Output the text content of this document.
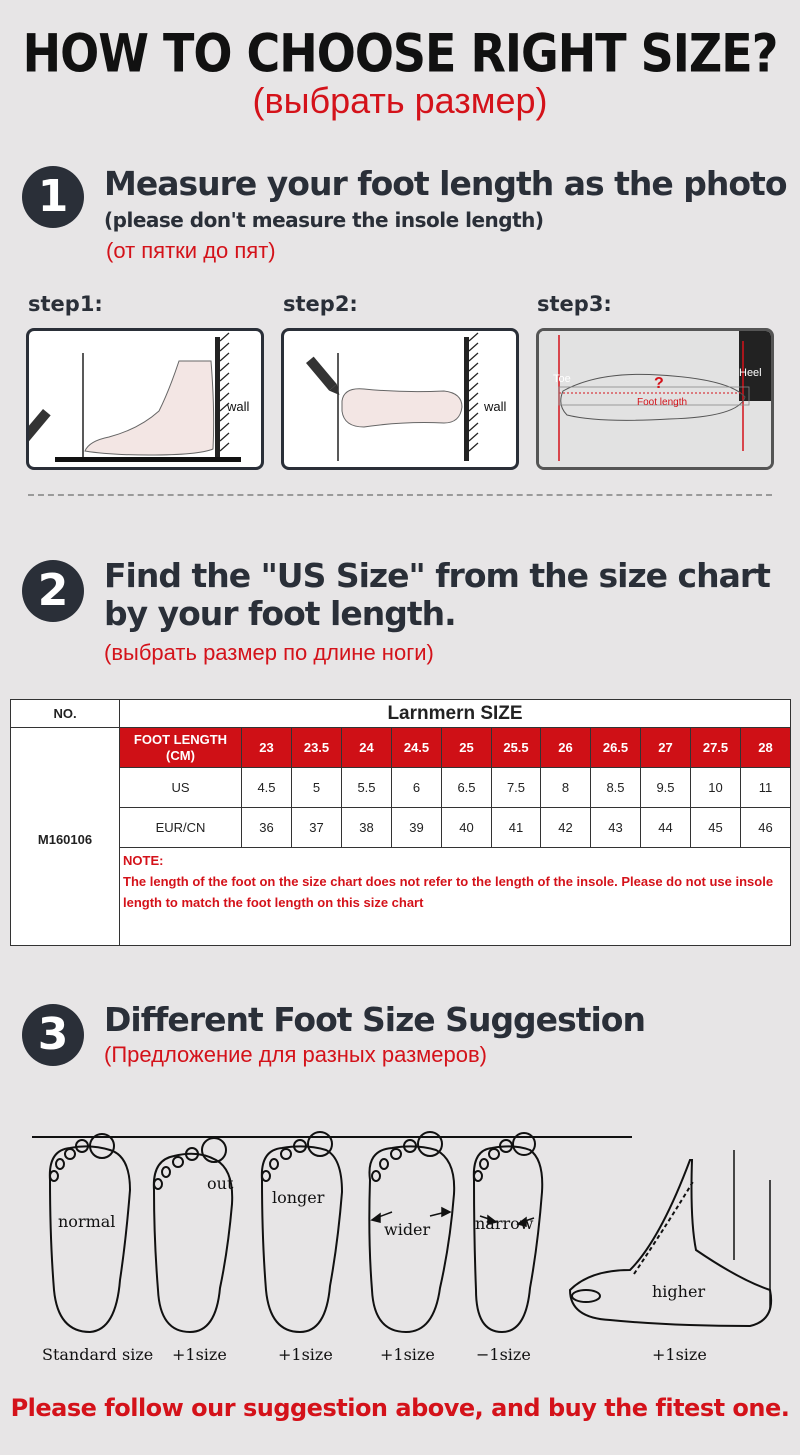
HOW TO CHOOSE RIGHT SIZE?
(выбрать размер)
1	Measure your foot length as the photo
(please don't measure the insole length)
(от пятки до пят)
step1:	step2:	step3:
wall	wall
Toe	Heel
?
Foot length
2	Find the "US Size" from the size chart
by your foot length.
(выбрать размер по длине ноги)
NO.	Larnmern SIZE											
M160106	FOOT LENGTH (CM)	23	23.5	24	24.5	25	25.5	26	26.5	27	27.5	28
	US	4.5	5	5.5	6	6.5	7.5	8	8.5	9.5	10	11
	EUR/CN	36	37	38	39	40	41	42	43	44	45	46

	NOTE:
The length of the foot on the size chart does not refer to the length of the insole. Please do not use insole length to match the foot length on this size chart											
3	Different Foot Size Suggestion
(Предложение для разных размеров)
normal
out
longer
wider	narrow
higher
Standard size +1size	+1size	+1size	−1size	+1size
Please follow our suggestion above, and buy the fitest one.
